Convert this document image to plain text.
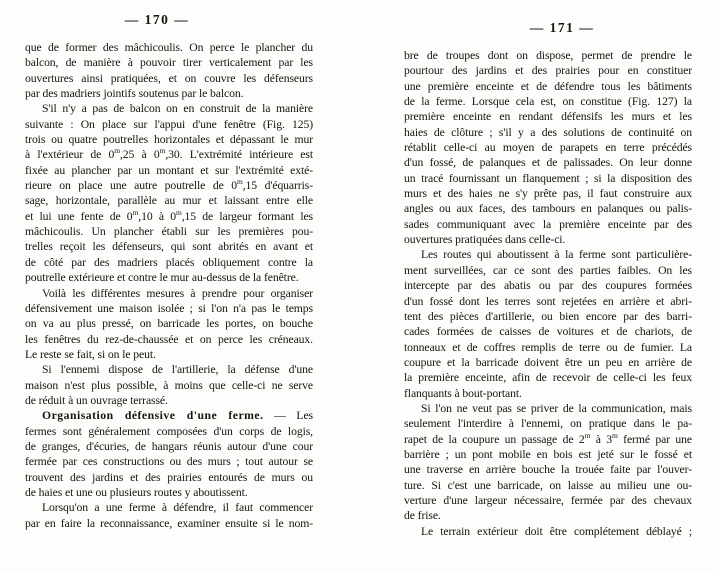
— 170 —
que de former des mâchicoulis. On perce le plancher du
balcon, de manière à pouvoir tirer verticalement par les
ouvertures ainsi pratiquées, et on couvre les défenseurs
par des madriers jointifs soutenus par le balcon.
S'il n'y a pas de balcon on en construit de la manière
suivante : On place sur l'appui d'une fenêtre (Fig. 125)
trois ou quatre poutrelles horizontales et dépassant le mur
à l'extérieur de 0$^m$,25 à 0$^m$,30. L'extrémité intérieure est
fixée au plancher par un montant et sur l'extrémité exté-
rieure on place une autre poutrelle de 0$^m$,15 d'équarris-
sage, horizontale, parallèle au mur et laissant entre elle
et lui une fente de 0$^m$,10 à 0$^m$,15 de largeur formant les
mâchicoulis. Un plancher établi sur les premières pou-
trelles reçoit les défenseurs, qui sont abrités en avant et
de côté par des madriers placés obliquement contre la
poutrelle extérieure et contre le mur au-dessus de la fenêtre.
Voilà les différentes mesures à prendre pour organiser
défensivement une maison isolée ; si l'on n'a pas le temps
on va au plus pressé, on barricade les portes, on bouche
les fenêtres du rez-de-chaussée et on perce les créneaux.
Le reste se fait, si on le peut.
Si l'ennemi dispose de l'artillerie, la défense d'une
maison n'est plus possible, à moins que celle-ci ne serve
de réduit à un ouvrage terrassé.
Organisation défensive d'une ferme. — Les
fermes sont généralement composées d'un corps de logis,
de granges, d'écuries, de hangars réunis autour d'une cour
fermée par ces constructions ou des murs ; tout autour se
trouvent des jardins et des prairies entourés de murs ou
de haies et une ou plusieurs routes y aboutissent.
Lorsqu'on a une ferme à défendre, il faut commencer
par en faire la reconnaissance, examiner ensuite si le nom-
— 171 —
bre de troupes dont on dispose, permet de prendre le
pourtour des jardins et des prairies pour en constituer
une première enceinte et de défendre tous les bâtiments
de la ferme. Lorsque cela est, on constitue (Fig. 127) la
première enceinte en rendant défensifs les murs et les
haies de clôture ; s'il y a des solutions de continuité on
rétablit celle-ci au moyen de parapets en terre précédés
d'un fossé, de palanques et de palissades. On leur donne
un tracé fournissant un flanquement ; si la disposition des
murs et des haies ne s'y prête pas, il faut construire aux
angles ou aux faces, des tambours en palanques ou palis-
sades communiquant avec la première enceinte par des
ouvertures pratiquées dans celle-ci.
Les routes qui aboutissent à la ferme sont particulière-
ment surveillées, car ce sont des parties faibles. On les
intercepte par des abatis ou par des coupures formées
d'un fossé dont les terres sont rejetées en arrière et abri-
tent des pièces d'artillerie, ou bien encore par des barri-
cades formées de caisses de voitures et de chariots, de
tonneaux et de coffres remplis de terre ou de fumier. La
coupure et la barricade doivent être un peu en arrière de
la première enceinte, afin de recevoir de celle-ci les feux
flanquants à bout-portant.
Si l'on ne veut pas se priver de la communication, mais
seulement l'interdire à l'ennemi, on pratique dans le pa-
rapet de la coupure un passage de 2$^m$ à 3$^m$ fermé par une
barrière ; un pont mobile en bois est jeté sur le fossé et
une traverse en arrière bouche la trouée faite par l'ouver-
ture. Si c'est une barricade, on laisse au milieu une ou-
verture d'une largeur nécessaire, fermée par des chevaux
de frise.
Le terrain extérieur doit être complétement déblayé ;
